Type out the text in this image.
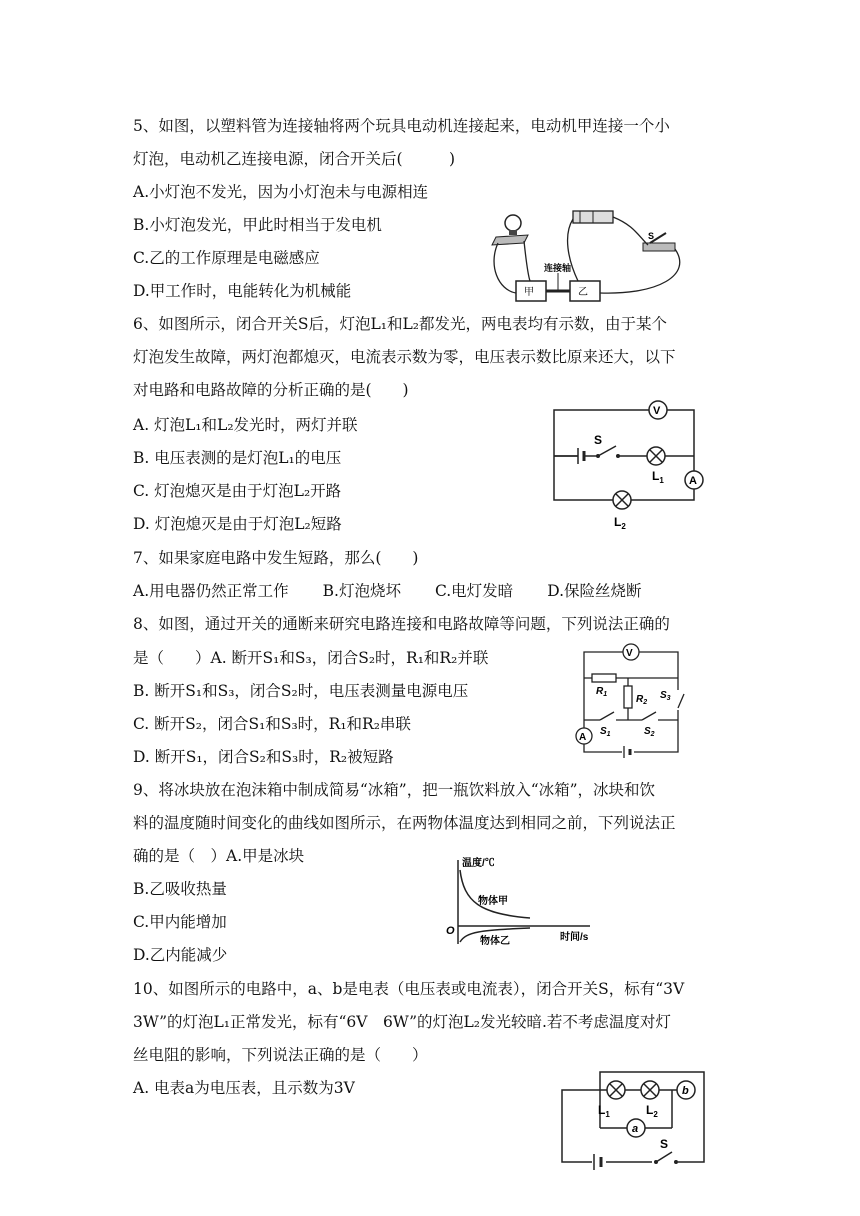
5、如图，以塑料管为连接轴将两个玩具电动机连接起来，电动机甲连接一个小
灯泡，电动机乙连接电源，闭合开关后(　　　)
A.小灯泡不发光，因为小灯泡未与电源相连
B.小灯泡发光，甲此时相当于发电机
C.乙的工作原理是电磁感应
D.甲工作时，电能转化为机械能
S
甲	乙
连接轴
6、如图所示，闭合开关S后，灯泡L₁和L₂都发光，两电表均有示数，由于某个
灯泡发生故障，两灯泡都熄灭，电流表示数为零，电压表示数比原来还大，以下
对电路和电路故障的分析正确的是(　　)
A. 灯泡L₁和L₂发光时，两灯并联
B. 电压表测的是灯泡L₁的电压
C. 灯泡熄灭是由于灯泡L₂开路
D. 灯泡熄灭是由于灯泡L₂短路
S
V
$L_1$ A
$L_2$
7、如果家庭电路中发生短路，那么(　　)
A.用电器仍然正常工作 B.灯泡烧坏 C.电灯发暗 D.保险丝烧断
8、如图，通过开关的通断来研究电路连接和电路故障等问题，下列说法正确的
是（　　）A. 断开S₁和S₃，闭合S₂时，R₁和R₂并联
B. 断开S₁和S₃，闭合S₂时，电压表测量电源电压
C. 断开S₂，闭合S₁和S₃时，R₁和R₂串联
D. 断开S₁，闭合S₂和S₃时，R₂被短路
V
$R_1$	$R_2$
$S_1$	$S_2$
$S_3$
A
9、将冰块放在泡沫箱中制成简易“冰箱”，把一瓶饮料放入“冰箱”，冰块和饮
料的温度随时间变化的曲线如图所示，在两物体温度达到相同之前，下列说法正
确的是（　）A.甲是冰块
B.乙吸收热量
C.甲内能增加
D.乙内能减少
温度/℃
时间/s
O
物体甲
物体乙
10、如图所示的电路中，a、b是电表（电压表或电流表），闭合开关S，标有“3V
3W”的灯泡L₁正常发光，标有“6V　6W”的灯泡L₂发光较暗.若不考虑温度对灯
丝电阻的影响，下列说法正确的是（　　）
A. 电表a为电压表，且示数为3V
$L_1$	$L_2$
b
a
S
